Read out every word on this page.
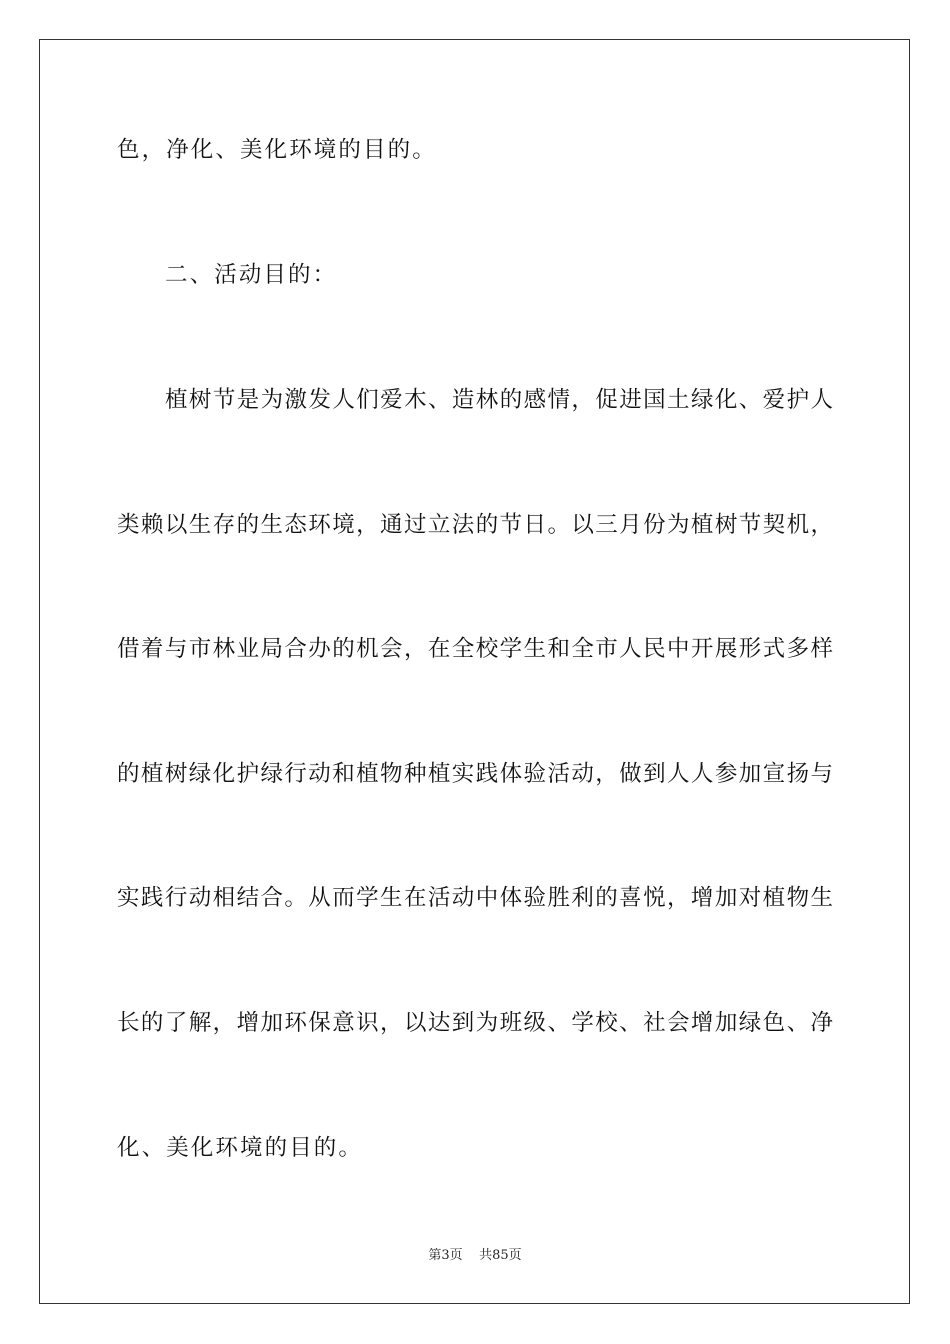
色，净化、美化环境的目的。
二、活动目的：
植树节是为激发人们爱木、造林的感情，促进国土绿化、爱护人
类赖以生存的生态环境，通过立法的节日。以三月份为植树节契机，
借着与市林业局合办的机会，在全校学生和全市人民中开展形式多样
的植树绿化护绿行动和植物种植实践体验活动，做到人人参加宣扬与
实践行动相结合。从而学生在活动中体验胜利的喜悦，增加对植物生
长的了解，增加环保意识，以达到为班级、学校、社会增加绿色、净
化、美化环境的目的。
第3页 共85页
